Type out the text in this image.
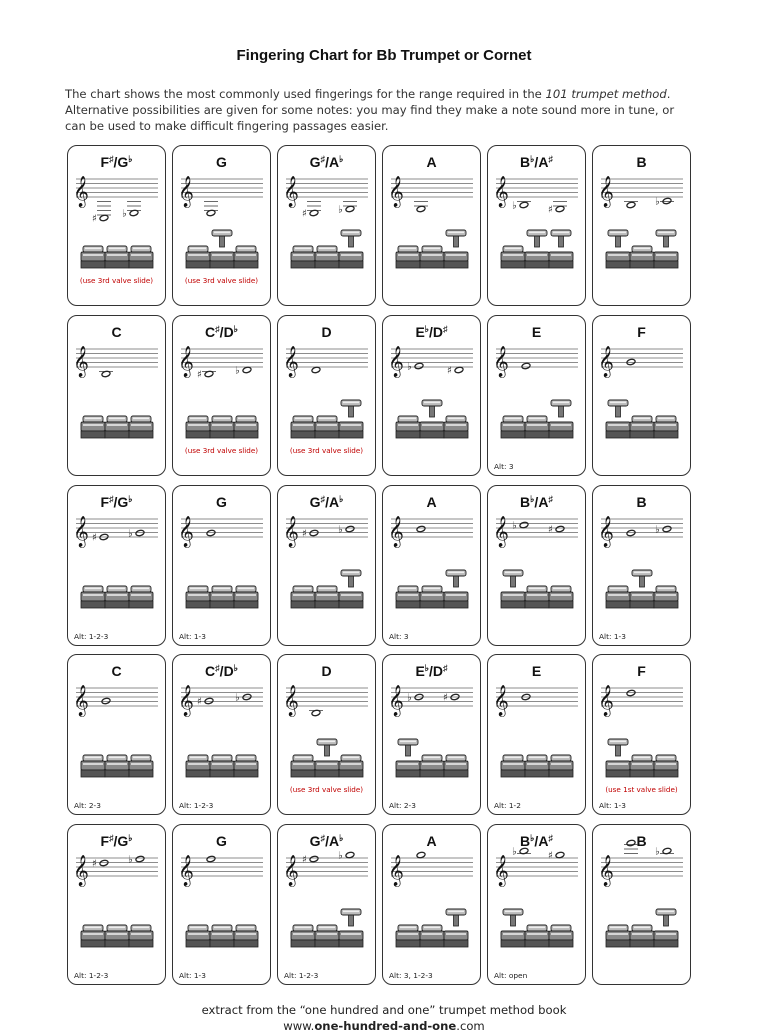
Fingering Chart for Bb Trumpet or Cornet
The chart shows the most commonly used fingerings for the range required in the 101 trumpet method.
Alternative possibilities are given for some notes: you may find they make a note sound more in tune, or
can be used to make difficult fingering passages easier.
F♯/G♭
𝄞
♯	♭
(use 3rd valve slide)
G
𝄞
(use 3rd valve slide)
G♯/A♭
𝄞
♯	♭
A
𝄞
B♭/A♯
𝄞 ♭	♯
B
𝄞	♭
C
𝄞
C♯/D♭
𝄞 ♯	♭
(use 3rd valve slide)
D
𝄞
(use 3rd valve slide)
E♭/D♯
𝄞 ♭	♯
E
𝄞
Alt: 3
F
𝄞
F♯/G♭
𝄞 ♯	♭
Alt: 1-2-3
G
𝄞
Alt: 1-3
G♯/A♭
𝄞 ♯	♭
A
𝄞
Alt: 3
B♭/A♯
𝄞 ♭	♯
B
𝄞	♭
Alt: 1-3
C
𝄞
Alt: 2-3
C♯/D♭
𝄞 ♯	♭
Alt: 1-2-3
D
𝄞
(use 3rd valve slide)
E♭/D♯
𝄞 ♭	♯
Alt: 2-3
E
𝄞
Alt: 1-2
F
𝄞
(use 1st valve slide)
Alt: 1-3
F♯/G♭
𝄞 ♯	♭
Alt: 1-2-3
G
𝄞
Alt: 1-3
G♯/A♭
𝄞 ♯	♭
Alt: 1-2-3
A
𝄞
Alt: 3, 1-2-3
B♭/A♯
𝄞
♭	♯
Alt: open
B
𝄞
♭
extract from the “one hundred and one” trumpet method book
www.one-hundred-and-one.com
